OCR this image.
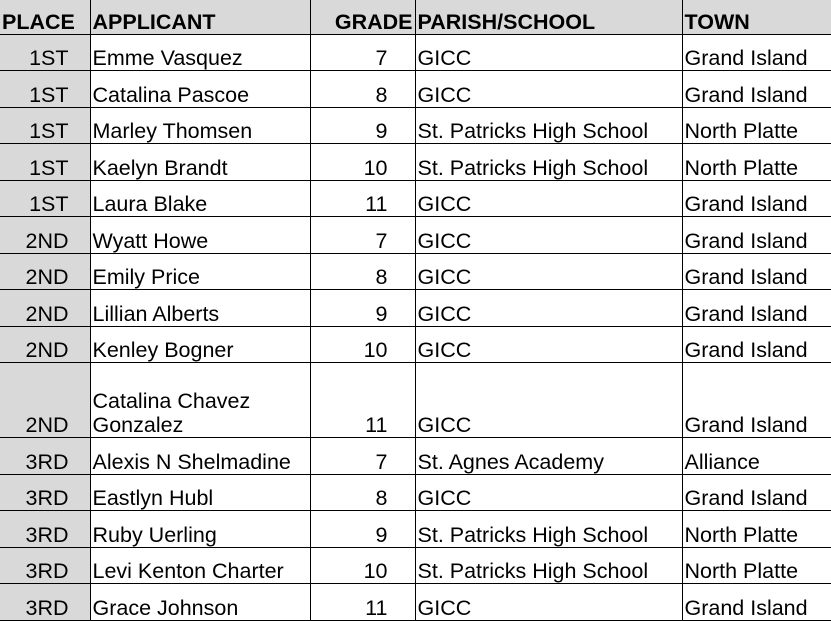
PLACE	APPLICANT	GRADE	PARISH/SCHOOL	TOWN
1ST	Emme Vasquez	7	GICC	Grand Island
1ST	Catalina Pascoe	8	GICC	Grand Island
1ST	Marley Thomsen	9	St. Patricks High School	North Platte
1ST	Kaelyn Brandt	10	St. Patricks High School	North Platte
1ST	Laura Blake	11	GICC	Grand Island
2ND	Wyatt Howe	7	GICC	Grand Island
2ND	Emily Price	8	GICC	Grand Island
2ND	Lillian Alberts	9	GICC	Grand Island
2ND	Kenley Bogner	10	GICC	Grand Island
2ND	Catalina Chavez Gonzalez	11	GICC	Grand Island
3RD	Alexis N Shelmadine	7	St. Agnes Academy	Alliance
3RD	Eastlyn Hubl	8	GICC	Grand Island
3RD	Ruby Uerling	9	St. Patricks High School	North Platte
3RD	Levi Kenton Charter	10	St. Patricks High School	North Platte
3RD	Grace Johnson	11	GICC	Grand Island
